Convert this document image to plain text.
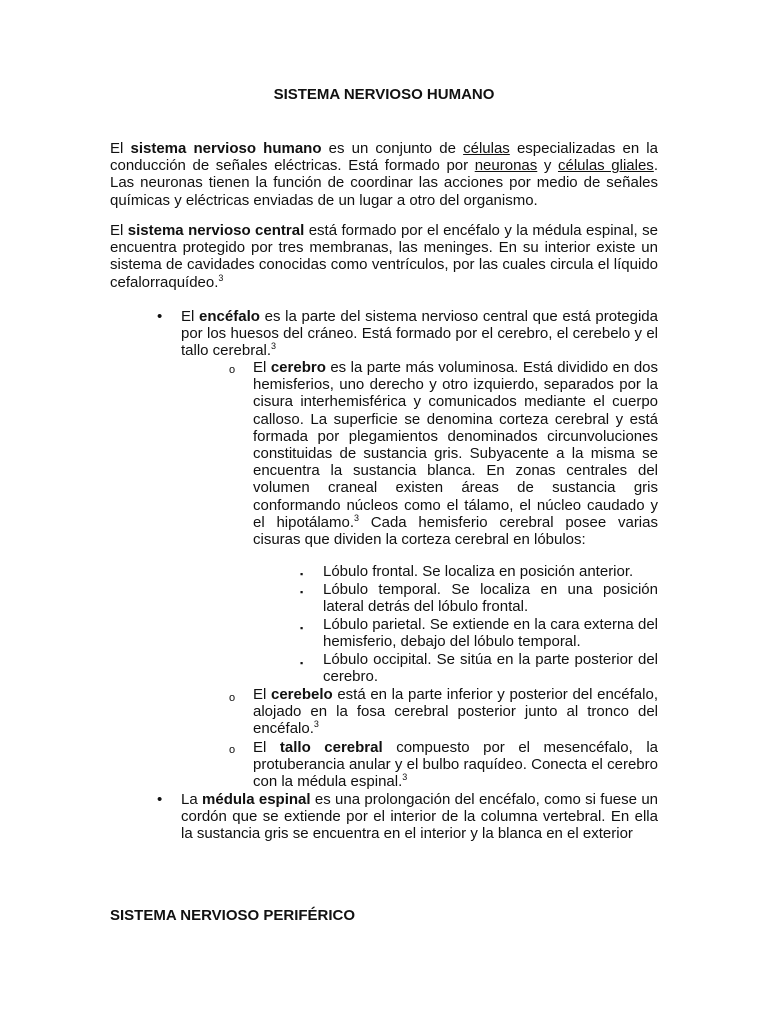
SISTEMA NERVIOSO HUMANO

El sistema nervioso humano es un conjunto de células especializadas en la conducción de señales eléctricas. Está formado por neuronas y células gliales. Las neuronas tienen la función de coordinar las acciones por medio de señales químicas y eléctricas enviadas de un lugar a otro del organismo.

El sistema nervioso central está formado por el encéfalo y la médula espinal, se encuentra protegido por tres membranas, las meninges. En su interior existe un sistema de cavidades conocidas como ventrículos, por las cuales circula el líquido cefalorraquídeo.$^3$

• El encéfalo es la parte del sistema nervioso central que está protegida por los huesos del cráneo. Está formado por el cerebro, el cerebelo y el tallo cerebral.$^3$

o El cerebro es la parte más voluminosa. Está dividido en dos hemisferios, uno derecho y otro izquierdo, separados por la cisura interhemisférica y comunicados mediante el cuerpo calloso. La superficie se denomina corteza cerebral y está formada por plegamientos denominados circunvoluciones constituidas de sustancia gris. Subyacente a la misma se encuentra la sustancia blanca. En zonas centrales del volumen craneal existen áreas de sustancia gris conformando núcleos como el tálamo, el núcleo caudado y el hipotálamo.$^3$ Cada hemisferio cerebral posee varias cisuras que dividen la corteza cerebral en lóbulos:

▪ Lóbulo frontal. Se localiza en posición anterior.

▪ Lóbulo temporal. Se localiza en una posición lateral detrás del lóbulo frontal.

▪ Lóbulo parietal. Se extiende en la cara externa del hemisferio, debajo del lóbulo temporal.

▪ Lóbulo occipital. Se sitúa en la parte posterior del cerebro.

o El cerebelo está en la parte inferior y posterior del encéfalo, alojado en la fosa cerebral posterior junto al tronco del encéfalo.$^3$

o El tallo cerebral compuesto por el mesencéfalo, la protuberancia anular y el bulbo raquídeo. Conecta el cerebro con la médula espinal.$^3$

• La médula espinal es una prolongación del encéfalo, como si fuese un cordón que se extiende por el interior de la columna vertebral. En ella la sustancia gris se encuentra en el interior y la blanca en el exterior

SISTEMA NERVIOSO PERIFÉRICO
